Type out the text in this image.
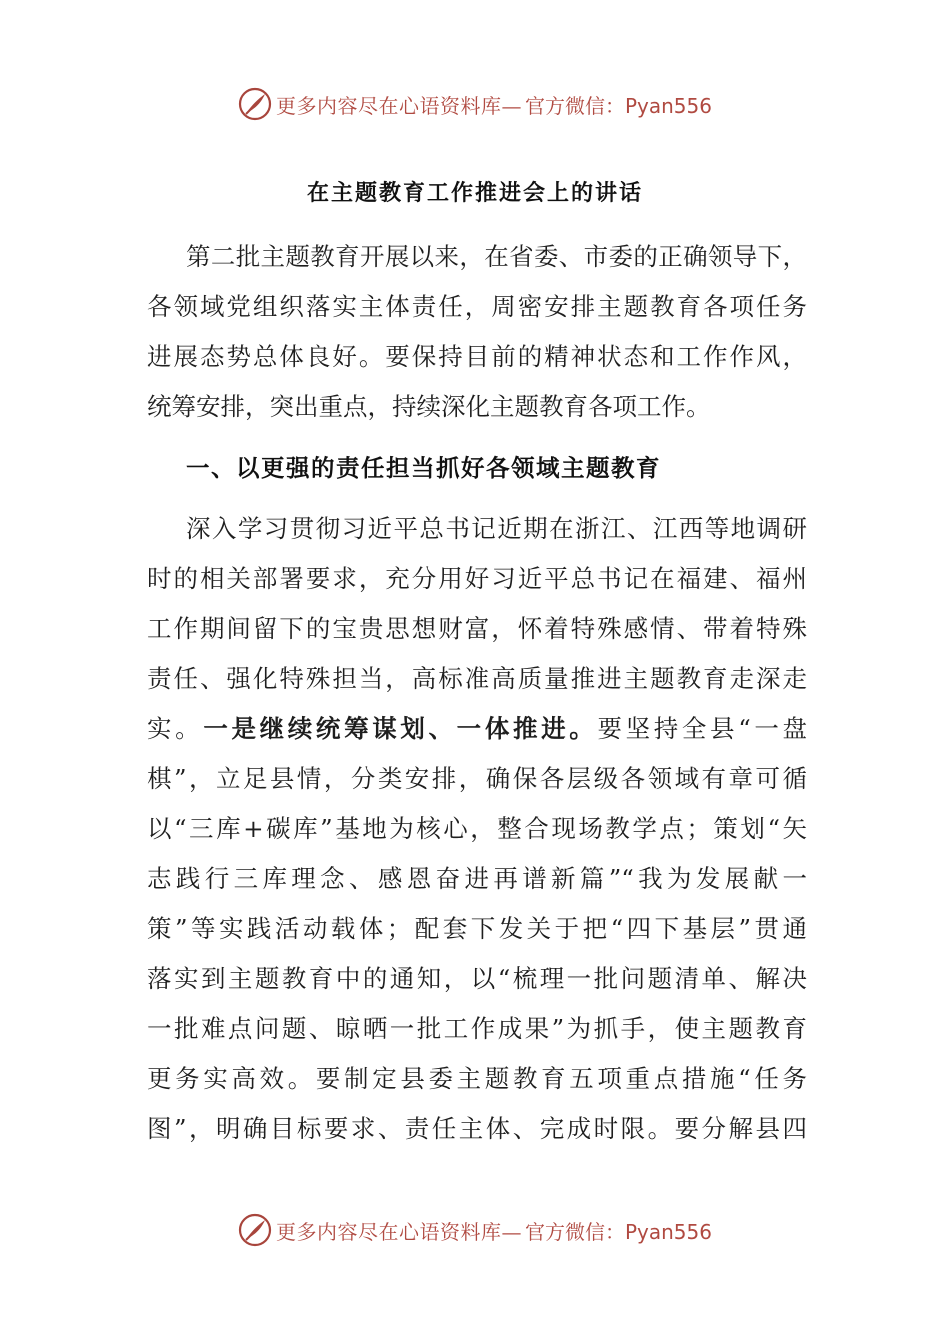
更多内容尽在心语资料库— 官方微信：Pyan556
在主题教育工作推进会上的讲话
第二批主题教育开展以来，在省委、市委的正确领导下，
各领域党组织落实主体责任，周密安排主题教育各项任务
进展态势总体良好。要保持目前的精神状态和工作作风，
统筹安排，突出重点，持续深化主题教育各项工作。
一、以更强的责任担当抓好各领域主题教育
深入学习贯彻习近平总书记近期在浙江、江西等地调研
时的相关部署要求，充分用好习近平总书记在福建、福州
工作期间留下的宝贵思想财富，怀着特殊感情、带着特殊
责任、强化特殊担当，高标准高质量推进主题教育走深走
实。一是继续统筹谋划、一体推进。要坚持全县“一盘
棋”，立足县情，分类安排，确保各层级各领域有章可循
以“三库+碳库”基地为核心，整合现场教学点；策划“矢
志践行三库理念、感恩奋进再谱新篇”“我为发展献一
策”等实践活动载体；配套下发关于把“四下基层”贯通
落实到主题教育中的通知，以“梳理一批问题清单、解决
一批难点问题、晾晒一批工作成果”为抓手，使主题教育
更务实高效。要制定县委主题教育五项重点措施“任务
图”，明确目标要求、责任主体、完成时限。要分解县四
更多内容尽在心语资料库— 官方微信：Pyan556
